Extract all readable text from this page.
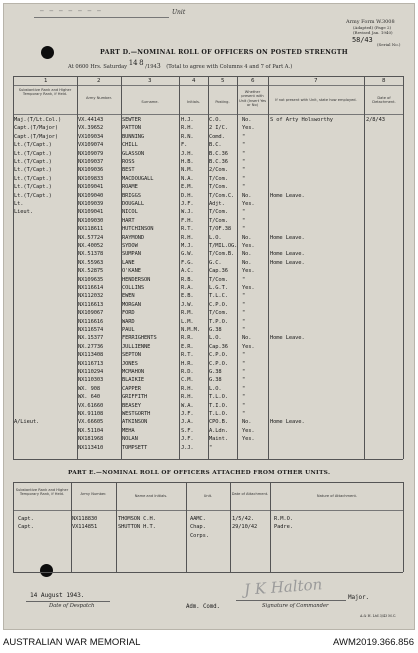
─ ─ ─ ─ ─ ─ ─	Unit
Army Form W.3008
(Adapted) (Page 2)
(Revised Jan. 1940)
58/43
(Serial No.)
PART D.—NOMINAL ROLL OF OFFICERS ON POSTED STRENGTH
At 0600 Hrs. Saturday 14 8 /1943 (Total to agree with Columns 4 and 7 of Part A.)
1	2	3	4	5	6	7	8
Substantive Rank and Higher Temporary Rank, if Held.
Army Number.
Surname.	Initials.	Posting.
Whether present with Unit (Insert Yes or No)
If not present with Unit, state how employed.	Date of Detachment.
Maj.(T/Lt.Col.)	VX.44143	SEWTER	H.J.	C.O.	No.	S of Arty Holsworthy	2/8/43
Capt.(T/Major)	VX.39652	PATTON	R.H.	2 I/C.	Yes.
Capt.(T/Major)	VX109034	BUNNING	R.N.	Comd.	"
Lt.(T/Capt.)	VX109074	CHILL	F.	B.C.	"
Lt.(T/Capt.)	NX109079	GLASSON	J.H.	B.C.36	"
Lt.(T/Capt.)	NX109037	ROSS	H.B.	B.C.36	"
Lt.(T/Capt.)	NX109036	BEST	N.M.	2/Com.	"
Lt.(T/Capt.)	NX109833	MACDOUGALL	N.A.	T/Com.	"
Lt.(T/Capt.)	NX109041	ROAME	E.M.	T/Com.	"
Lt.(T/Capt.)	NX109040	BRIGGS	D.H.	T/Com.C. No.	Home Leave.
Lt.	NX109039	DOUGALL	J.F.	Adjt.	Yes.
Lieut.	NX109041	NICOL	W.J.	T/Com.	"
NX109030	HART	F.H.	T/Com.	"
NX118611	HUTCHINSON	R.T.	T/OF.38 "
NX.57724	RAYMOND	R.H.	L.O.	No.	Home Leave.
NX.40052	SYDOW	M.J.	T/MIL.OG. Yes.
NX.51378	SUMPAN	G.W.	T/Com.B. No.	Home Leave.
NX.55963	LANE	F.G.	G.C.	No.	Home Leave.
NX.52875	O'KANE	A.C.	Cap.36	Yes.
NX109635	HENDERSON	R.B.	T/Com.	"
NX116614	COLLINS	R.A.	L.G.T.	Yes.
NX112032	EWEN	E.B.	T.L.C.	"
NX116613	MORGAN	J.W.	C.P.O.	"
NX109067	FORD	R.M.	T/Com.	"
NX116616	WARD	L.M.	T.P.O.	"
NX116574	PAUL	N.M.M. G.38	"
NX.15377	FERRIGHENTS	R.R.	L.O.	No.	Home Leave.
NX.27736	JULLIENNE	E.R.	Cap.36	Yes.
NX113408	SEPTON	R.T.	C.P.O.	"
NX116713	JONES	H.R.	C.P.O.	"
NX110294	MCMAHON	R.D.	G.38	"
NX110303	BLAIKIE	C.M.	G.38	"
WX. 908	CAPPER	R.H.	L.O.	"
WX. 640	GRIFFITH	R.H.	T.L.O.	"
VX.61660	BEASEY	W.A.	T.I.O.	"
NX.91108	WESTGORTH	J.F.	T.L.O.	"
A/Lieut.	VX.66605	ATKINSON	J.A.	CPO.B.	No.	Home Leave.
NX.51104	MEHA	S.F.	A.Ldn.	Yes.
NX181968	NOLAN	J.F.	Maint.	Yes.
NX113410	TOMPSETT	J.J.	"
PART E.—NOMINAL ROLL OF OFFICERS ATTACHED FROM OTHER UNITS.
Substantive Rank and Higher Temporary Rank, if Held.	Army Number.	Name and Initials.	Unit.	Date of Attachment.	Nature of Attachment.
Capt.	NX118830	THOMSON C.H.	AAMC.	1/5/42.	R.M.O.
Capt.	VX114851	SHUTTON H.T.	Chap.	29/10/42	Padre.
Corps.
14 August 1943.
Date of Despatch	Adm. Comd.
J K Halton	Major.
Signature of Commander
A.& H. Ltd 3/43 M.C.
AUSTRALIAN WAR MEMORIAL	AWM2019.366.856
